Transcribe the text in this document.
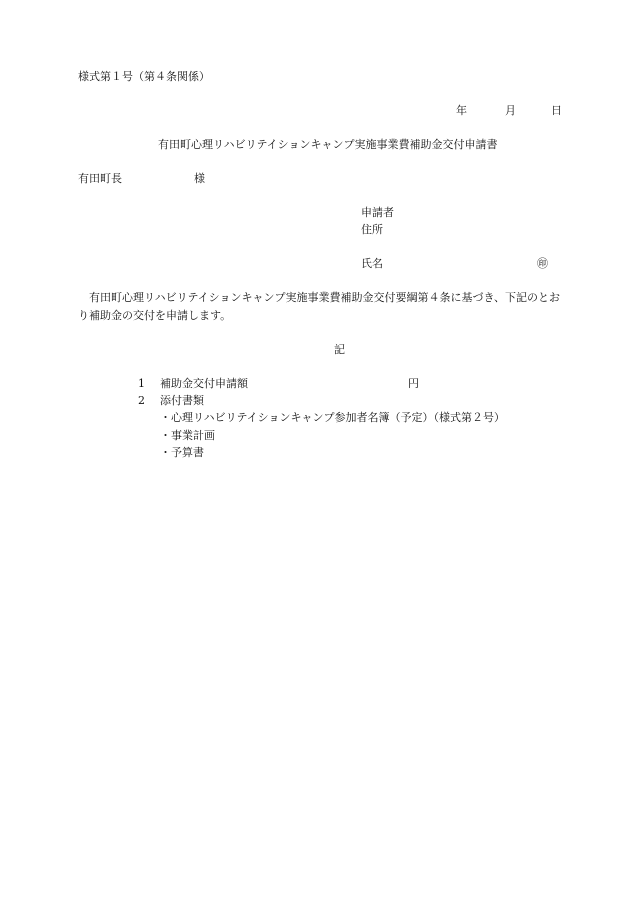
様式第１号（第４条関係）
年	月	日
有田町心理リハビリテイションキャンプ実施事業費補助金交付申請書
有田町長	様
申請者
住所
氏名	㊞
有田町心理リハビリテイションキャンプ実施事業費補助金交付要綱第４条に基づき、下記のとお
り補助金の交付を申請します。
記
1 補助金交付申請額	円
2 添付書類
・心理リハビリテイションキャンプ参加者名簿（予定）（様式第２号）
・事業計画
・予算書
